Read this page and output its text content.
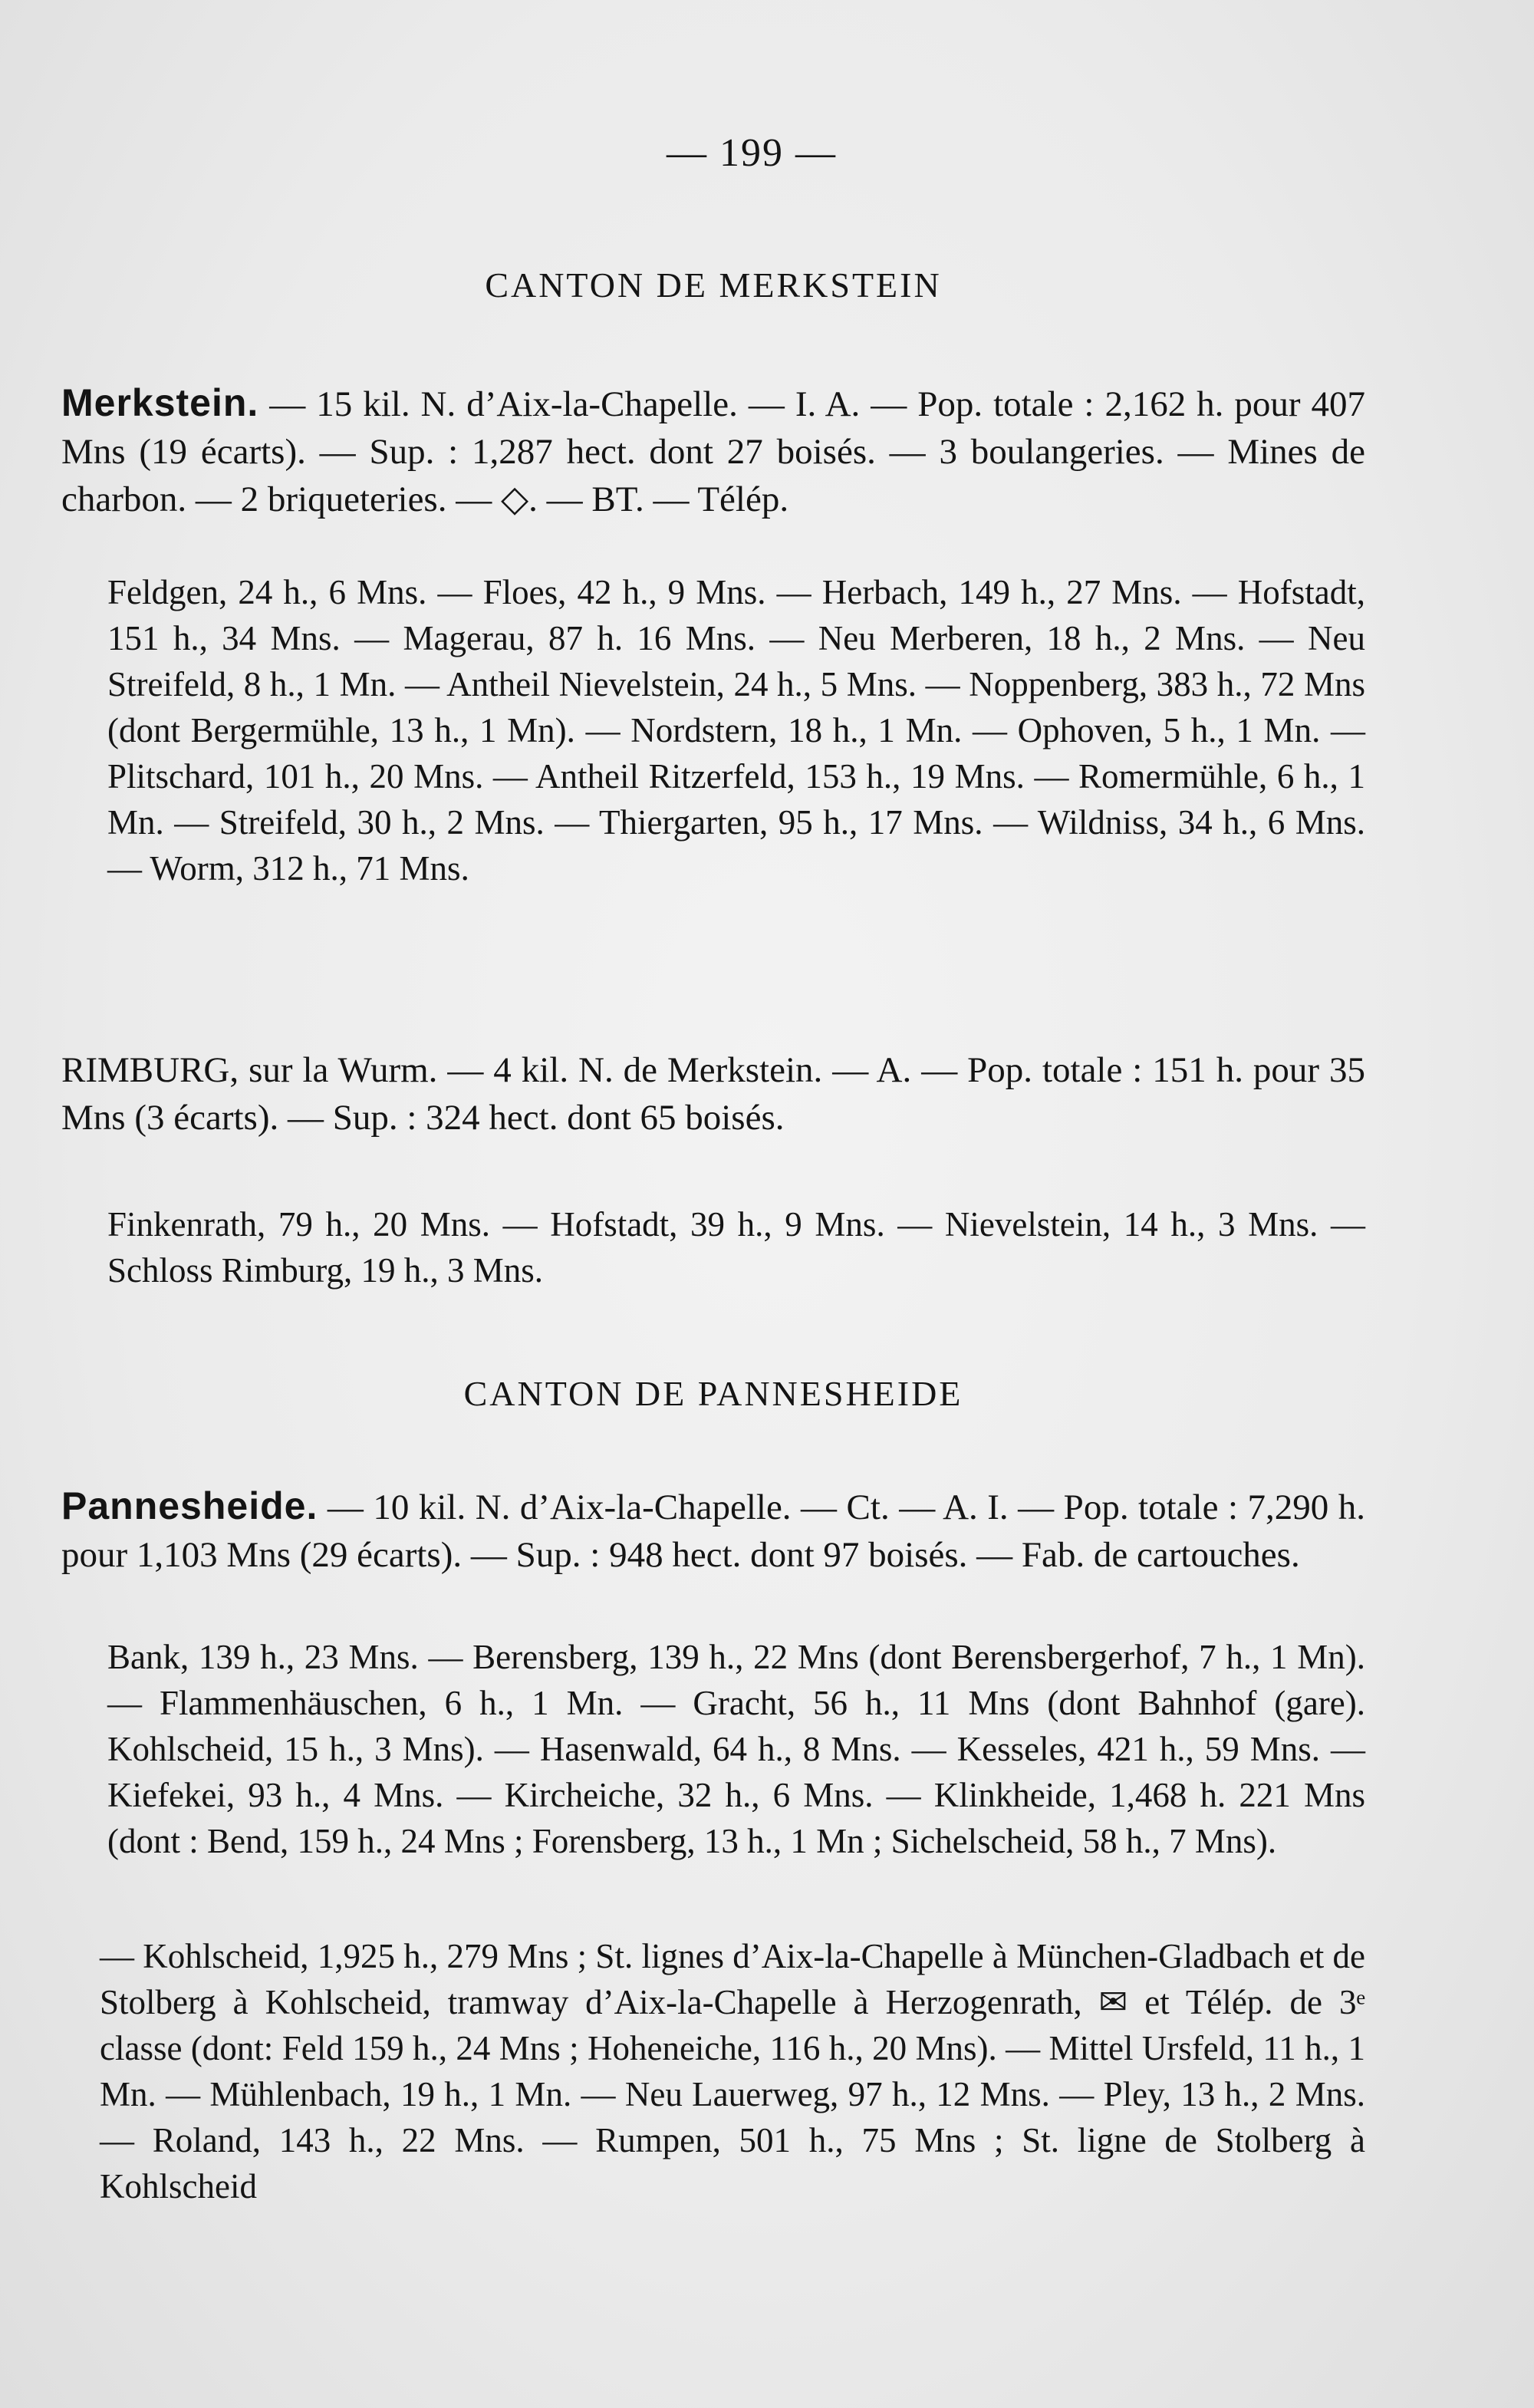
— 199 —
CANTON DE MERKSTEIN

Merkstein. — 15 kil. N. d’Aix-la-Chapelle. — I. A. — Pop. totale : 2,162 h. pour 407 Mns (19 écarts). — Sup. : 1,287 hect. dont 27 boisés. — 3 boulangeries. — Mines de charbon. — 2 briqueteries. — ◇. — BT. — Télép.

Feldgen, 24 h., 6 Mns. — Floes, 42 h., 9 Mns. — Herbach, 149 h., 27 Mns. — Hofstadt, 151 h., 34 Mns. — Magerau, 87 h. 16 Mns. — Neu Merberen, 18 h., 2 Mns. — Neu Streifeld, 8 h., 1 Mn. — Antheil Nievelstein, 24 h., 5 Mns. — Noppenberg, 383 h., 72 Mns (dont Bergermühle, 13 h., 1 Mn). — Nordstern, 18 h., 1 Mn. — Ophoven, 5 h., 1 Mn. — Plitschard, 101 h., 20 Mns. — Antheil Ritzerfeld, 153 h., 19 Mns. — Romermühle, 6 h., 1 Mn. — Streifeld, 30 h., 2 Mns. — Thiergarten, 95 h., 17 Mns. — Wildniss, 34 h., 6 Mns. — Worm, 312 h., 71 Mns.

RIMBURG, sur la Wurm. — 4 kil. N. de Merkstein. — A. — Pop. totale : 151 h. pour 35 Mns (3 écarts). — Sup. : 324 hect. dont 65 boisés.

Finkenrath, 79 h., 20 Mns. — Hofstadt, 39 h., 9 Mns. — Nievelstein, 14 h., 3 Mns. — Schloss Rimburg, 19 h., 3 Mns.

CANTON DE PANNESHEIDE

Pannesheide. — 10 kil. N. d’Aix-la-Chapelle. — Ct. — A. I. — Pop. totale : 7,290 h. pour 1,103 Mns (29 écarts). — Sup. : 948 hect. dont 97 boisés. — Fab. de cartouches.

Bank, 139 h., 23 Mns. — Berensberg, 139 h., 22 Mns (dont Berensbergerhof, 7 h., 1 Mn). — Flammenhäuschen, 6 h., 1 Mn. — Gracht, 56 h., 11 Mns (dont Bahnhof (gare). Kohlscheid, 15 h., 3 Mns). — Hasenwald, 64 h., 8 Mns. — Kesseles, 421 h., 59 Mns. — Kiefekei, 93 h., 4 Mns. — Kircheiche, 32 h., 6 Mns. — Klinkheide, 1,468 h. 221 Mns (dont : Bend, 159 h., 24 Mns ; Forensberg, 13 h., 1 Mn ; Sichelscheid, 58 h., 7 Mns).

— Kohlscheid, 1,925 h., 279 Mns ; St. lignes d’Aix-la-Chapelle à München-Gladbach et de Stolberg à Kohlscheid, tramway d’Aix-la-Chapelle à Herzogenrath, ✉ et Télép. de 3ᵉ classe (dont: Feld 159 h., 24 Mns ; Hoheneiche, 116 h., 20 Mns). — Mittel Ursfeld, 11 h., 1 Mn. — Mühlenbach, 19 h., 1 Mn. — Neu Lauerweg, 97 h., 12 Mns. — Pley, 13 h., 2 Mns. — Roland, 143 h., 22 Mns. — Rumpen, 501 h., 75 Mns ; St. ligne de Stolberg à Kohlscheid
